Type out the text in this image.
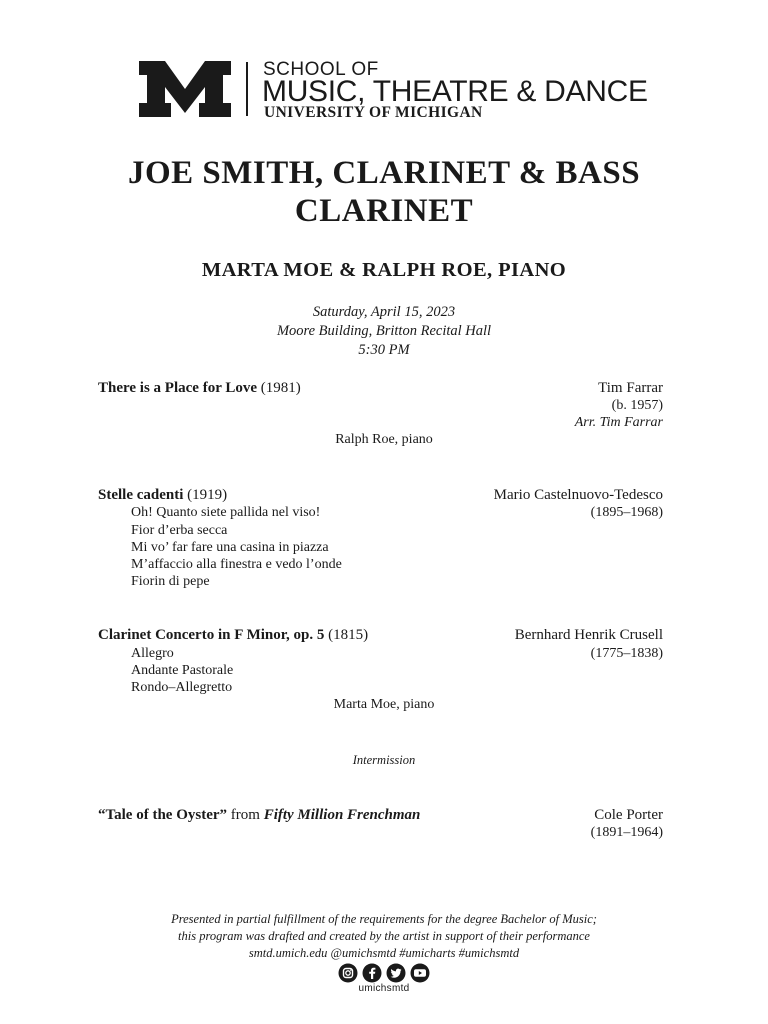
SCHOOL OF
MUSIC, THEATRE & DANCE
UNIVERSITY OF MICHIGAN
JOE SMITH, CLARINET & BASS
CLARINET
MARTA MOE & RALPH ROE, PIANO
Saturday, April 15, 2023
Moore Building, Britton Recital Hall
5:30 PM
There is a Place for Love (1981)	Tim Farrar
(b. 1957)
Arr. Tim Farrar
Ralph Roe, piano
Stelle cadenti (1919)	Mario Castelnuovo-Tedesco
(1895–1968)
Oh! Quanto siete pallida nel viso!
Fior d’erba secca
Mi vo’ far fare una casina in piazza
M’affaccio alla finestra e vedo l’onde
Fiorin di pepe
Clarinet Concerto in F Minor, op. 5 (1815)	Bernhard Henrik Crusell
(1775–1838)
Allegro
Andante Pastorale
Rondo–Allegretto
Marta Moe, piano
Intermission
“Tale of the Oyster” from Fifty Million Frenchman	Cole Porter
(1891–1964)
Presented in partial fulfillment of the requirements for the degree Bachelor of Music;
this program was drafted and created by the artist in support of their performance
smtd.umich.edu @umichsmtd #umicharts #umichsmtd
umichsmtd
